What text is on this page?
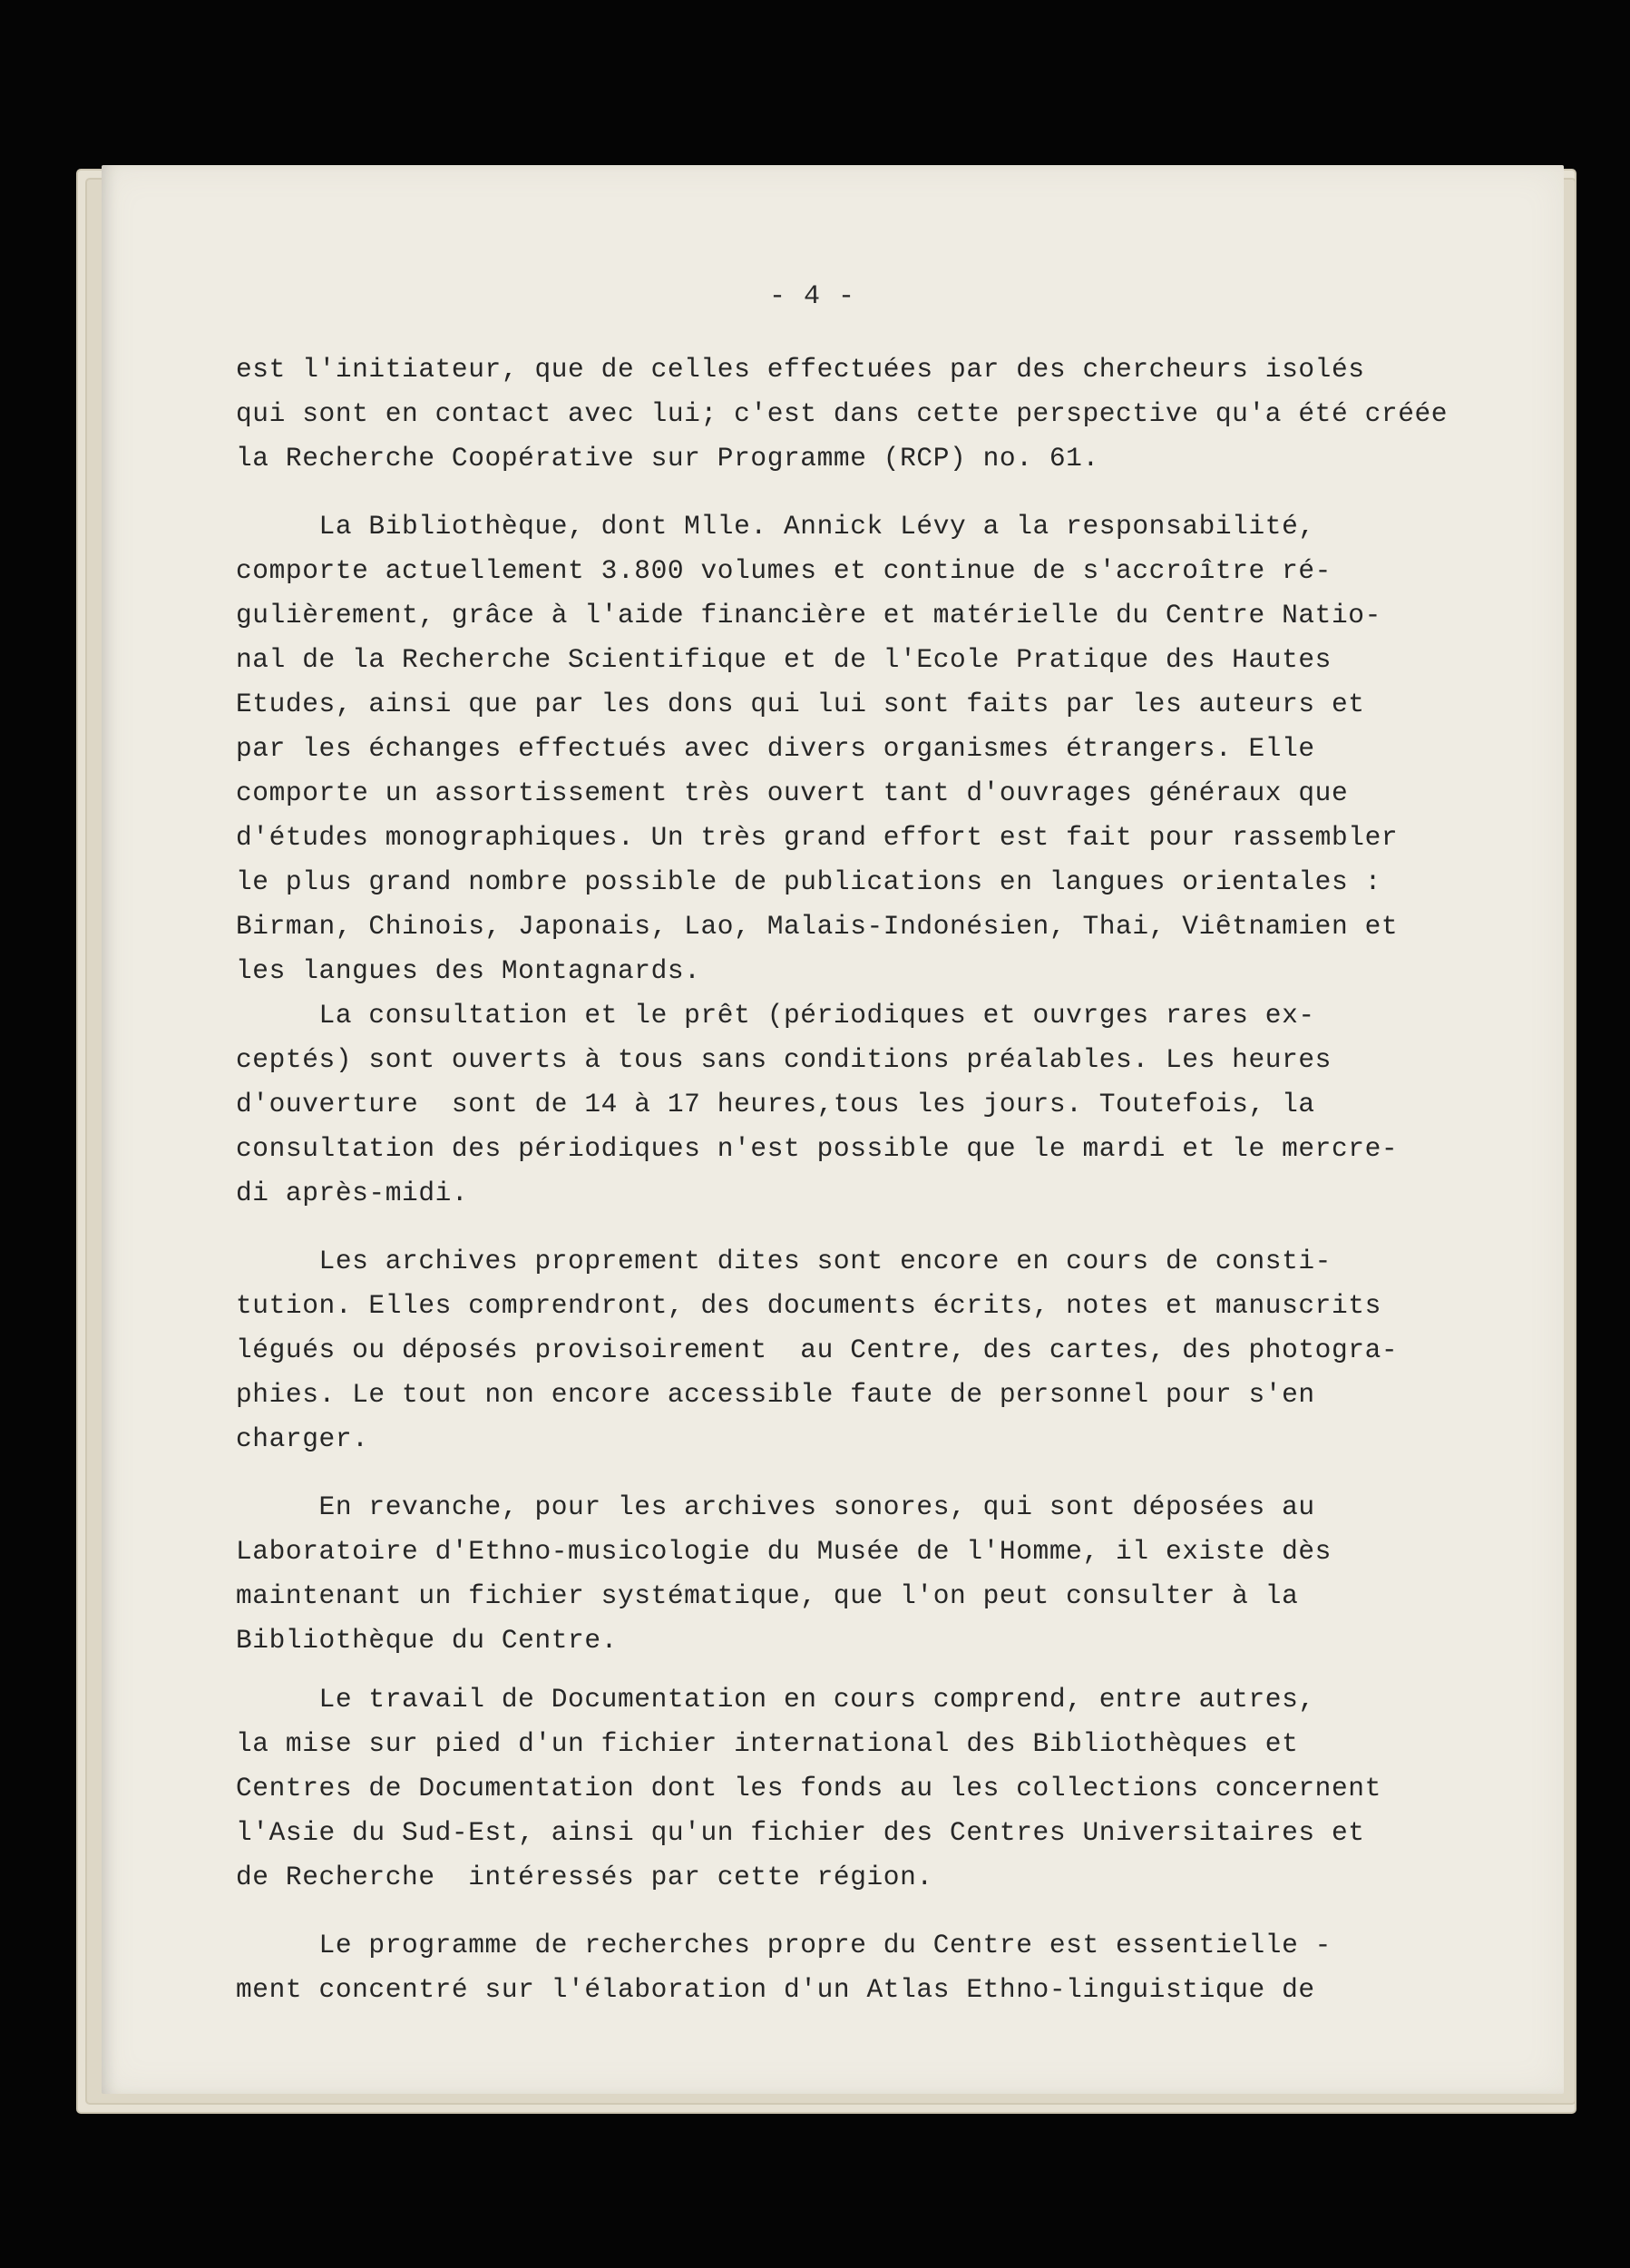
- 4 -
est l'initiateur, que de celles effectuées par des chercheurs isolés
qui sont en contact avec lui; c'est dans cette perspective qu'a été créée
la Recherche Coopérative sur Programme (RCP) no. 61.
La Bibliothèque, dont Mlle. Annick Lévy a la responsabilité,
comporte actuellement 3.800 volumes et continue de s'accroître ré-
gulièrement, grâce à l'aide financière et matérielle du Centre Natio-
nal de la Recherche Scientifique et de l'Ecole Pratique des Hautes
Etudes, ainsi que par les dons qui lui sont faits par les auteurs et
par les échanges effectués avec divers organismes étrangers. Elle
comporte un assortissement très ouvert tant d'ouvrages généraux que
d'études monographiques. Un très grand effort est fait pour rassembler
le plus grand nombre possible de publications en langues orientales :
Birman, Chinois, Japonais, Lao, Malais-Indonésien, Thai, Viêtnamien et
les langues des Montagnards.
La consultation et le prêt (périodiques et ouvrges rares ex-
ceptés) sont ouverts à tous sans conditions préalables. Les heures
d'ouverture  sont de 14 à 17 heures,tous les jours. Toutefois, la
consultation des périodiques n'est possible que le mardi et le mercre-
di après-midi.
Les archives proprement dites sont encore en cours de consti-
tution. Elles comprendront, des documents écrits, notes et manuscrits
légués ou déposés provisoirement  au Centre, des cartes, des photogra-
phies. Le tout non encore accessible faute de personnel pour s'en
charger.
En revanche, pour les archives sonores, qui sont déposées au
Laboratoire d'Ethno-musicologie du Musée de l'Homme, il existe dès
maintenant un fichier systématique, que l'on peut consulter à la
Bibliothèque du Centre.
Le travail de Documentation en cours comprend, entre autres,
la mise sur pied d'un fichier international des Bibliothèques et
Centres de Documentation dont les fonds au les collections concernent
l'Asie du Sud-Est, ainsi qu'un fichier des Centres Universitaires et
de Recherche  intéressés par cette région.
Le programme de recherches propre du Centre est essentielle -
ment concentré sur l'élaboration d'un Atlas Ethno-linguistique de
